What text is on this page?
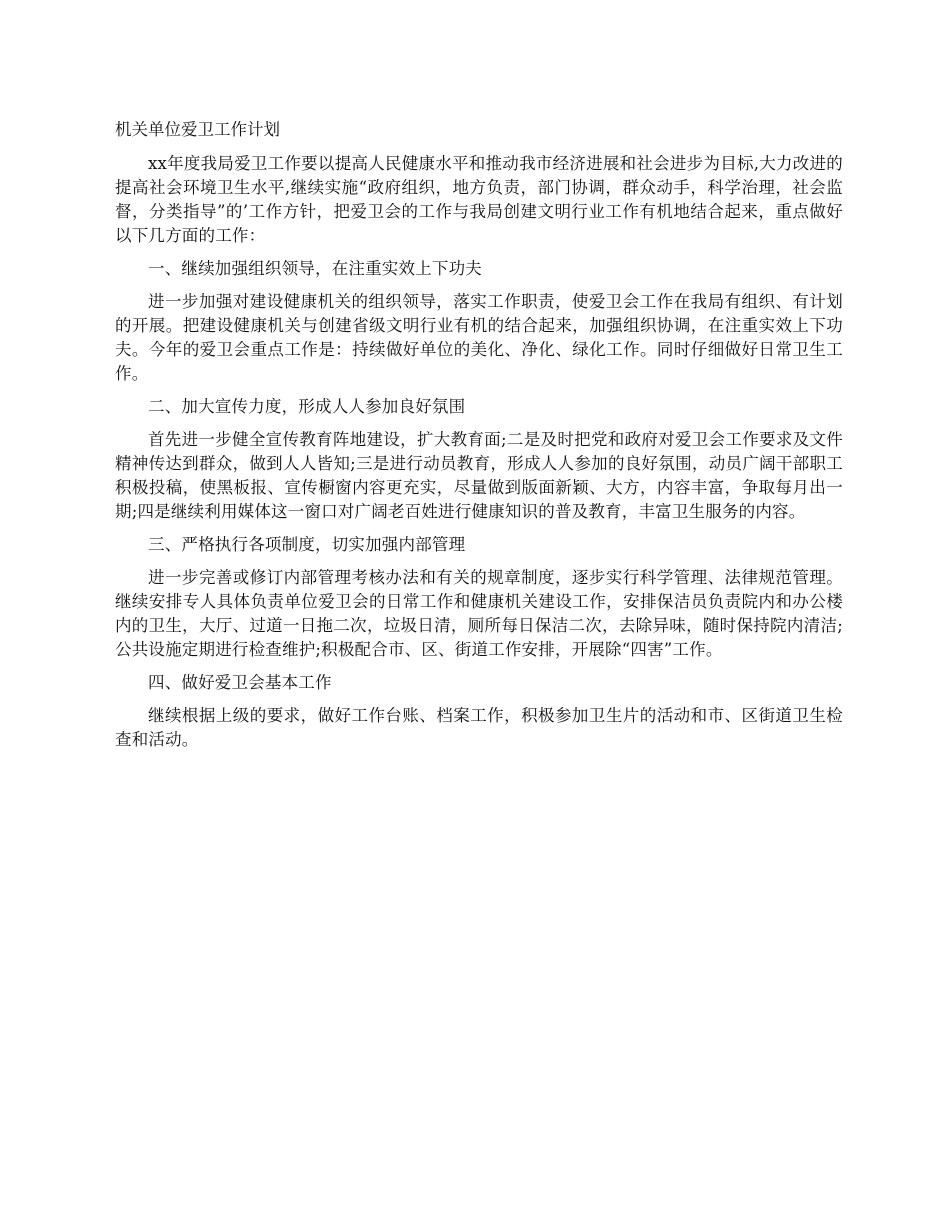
机关单位爱卫工作计划

xx年度我局爱卫工作要以提高人民健康水平和推动我市经济进展和社会进步为目标,大力改进的提高社会环境卫生水平,继续实施“政府组织，地方负责，部门协调，群众动手，科学治理，社会监督，分类指导”的’工作方针，把爱卫会的工作与我局创建文明行业工作有机地结合起来，重点做好以下几方面的工作：

一、继续加强组织领导，在注重实效上下功夫

进一步加强对建设健康机关的组织领导，落实工作职责，使爱卫会工作在我局有组织、有计划的开展。把建设健康机关与创建省级文明行业有机的结合起来，加强组织协调，在注重实效上下功夫。今年的爱卫会重点工作是：持续做好单位的美化、净化、绿化工作。同时仔细做好日常卫生工作。

二、加大宣传力度，形成人人参加良好氛围

首先进一步健全宣传教育阵地建设，扩大教育面;二是及时把党和政府对爱卫会工作要求及文件精神传达到群众，做到人人皆知;三是进行动员教育，形成人人参加的良好氛围，动员广阔干部职工积极投稿，使黑板报、宣传橱窗内容更充实，尽量做到版面新颖、大方，内容丰富，争取每月出一期;四是继续利用媒体这一窗口对广阔老百姓进行健康知识的普及教育，丰富卫生服务的内容。

三、严格执行各项制度，切实加强内部管理

进一步完善或修订内部管理考核办法和有关的规章制度，逐步实行科学管理、法律规范管理。继续安排专人具体负责单位爱卫会的日常工作和健康机关建设工作，安排保洁员负责院内和办公楼内的卫生，大厅、过道一日拖二次，垃圾日清，厕所每日保洁二次，去除异味，随时保持院内清洁;公共设施定期进行检查维护;积极配合市、区、街道工作安排，开展除“四害”工作。

四、做好爱卫会基本工作

继续根据上级的要求，做好工作台账、档案工作，积极参加卫生片的活动和市、区街道卫生检查和活动。
